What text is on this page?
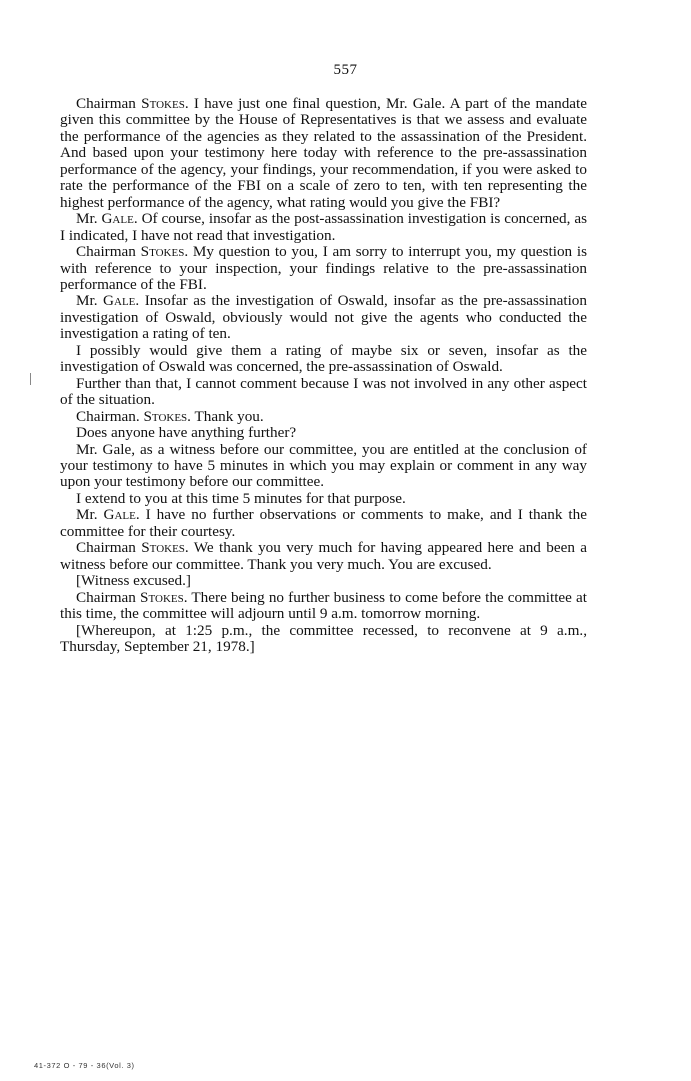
557

Chairman Stokes. I have just one final question, Mr. Gale. A part of the mandate given this committee by the House of Representatives is that we assess and evaluate the performance of the agencies as they related to the assassination of the President. And based upon your testimony here today with reference to the pre-assassination performance of the agency, your findings, your recommendation, if you were asked to rate the performance of the FBI on a scale of zero to ten, with ten representing the highest performance of the agency, what rating would you give the FBI?

Mr. Gale. Of course, insofar as the post-assassination investigation is concerned, as I indicated, I have not read that investigation.

Chairman Stokes. My question to you, I am sorry to interrupt you, my question is with reference to your inspection, your findings relative to the pre-assassination performance of the FBI.

Mr. Gale. Insofar as the investigation of Oswald, insofar as the pre-assassination investigation of Oswald, obviously would not give the agents who conducted the investigation a rating of ten.

I possibly would give them a rating of maybe six or seven, insofar as the investigation of Oswald was concerned, the pre-assassination of Oswald.

Further than that, I cannot comment because I was not involved in any other aspect of the situation.

Chairman. Stokes. Thank you.

Does anyone have anything further?

Mr. Gale, as a witness before our committee, you are entitled at the conclusion of your testimony to have 5 minutes in which you may explain or comment in any way upon your testimony before our committee.

I extend to you at this time 5 minutes for that purpose.

Mr. Gale. I have no further observations or comments to make, and I thank the committee for their courtesy.

Chairman Stokes. We thank you very much for having appeared here and been a witness before our committee. Thank you very much. You are excused.

[Witness excused.]

Chairman Stokes. There being no further business to come before the committee at this time, the committee will adjourn until 9 a.m. tomorrow morning.

[Whereupon, at 1:25 p.m., the committee recessed, to reconvene at 9 a.m., Thursday, September 21, 1978.]

41-372 O - 79 - 36(Vol. 3)
